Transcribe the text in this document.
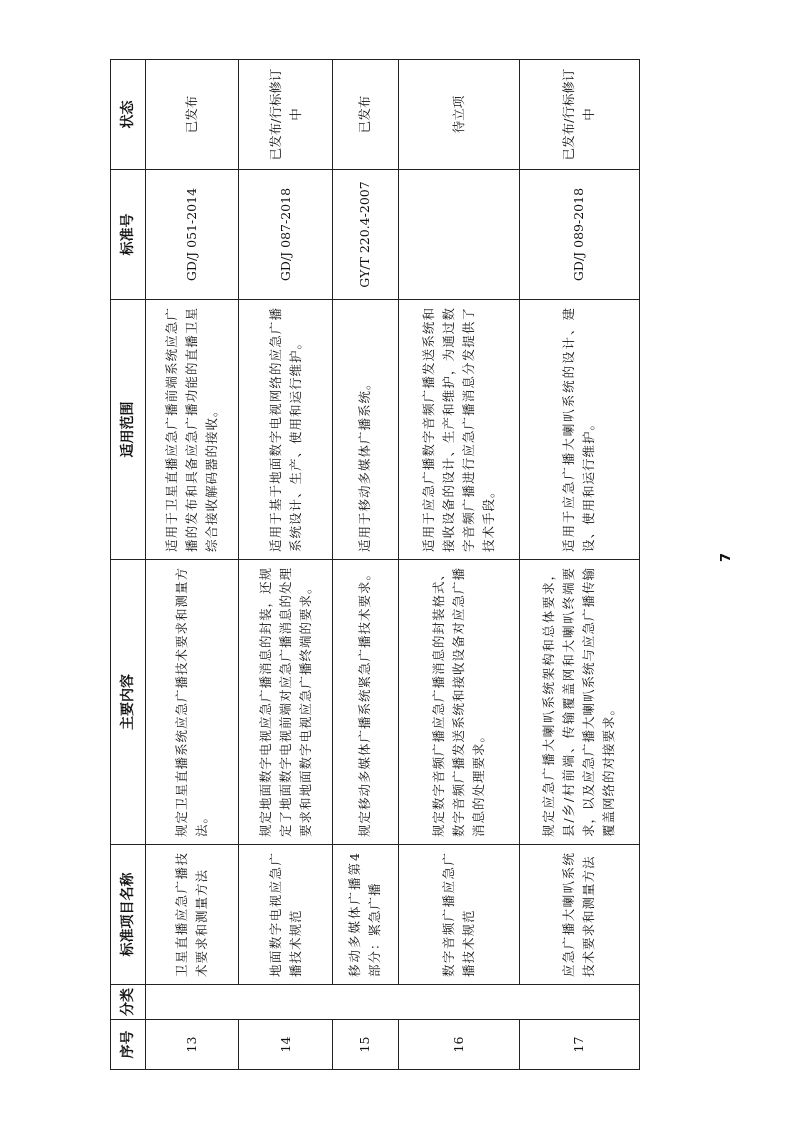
序号	分类	标准项目名称	主要内容	适用范围	标准号	状态
13		卫星直播应急广播技术要求和测量方法	规定卫星直播系统应急广播技术要求和测量方法。	适用于卫星直播应急广播前端系统应急广播的发布和具备应急广播功能的直播卫星综合接收解码器的接收。	GD/J 051-2014	已发布
14		地面数字电视应急广播技术规范	规定地面数字电视应急广播消息的封装，还规定了地面数字电视前端对应急广播消息的处理要求和地面数字电视应急广播终端的要求。	适用于基于地面数字电视网络的应急广播系统设计、生产、使用和运行维护。	GD/J 087-2018	已发布/行标修订中
15		移动多媒体广播第4部分：紧急广播	规定移动多媒体广播系统紧急广播技术要求。	适用于移动多媒体广播系统。	GY/T 220.4-2007	已发布
16		数字音频广播应急广播技术规范	规定数字音频广播应急广播消息的封装格式、数字音频广播发送系统和接收设备对应急广播消息的处理要求。	适用于应急广播数字音频广播发送系统和接收设备的设计、生产和维护，为通过数字音频广播进行应急广播消息分发提供了技术手段。		待立项
17		应急广播大喇叭系统技术要求和测量方法	规定应急广播大喇叭系统架构和总体要求，县/乡/村前端、传输覆盖网和大喇叭终端要求，以及应急广播大喇叭系统与应急广播传输覆盖网络的对接要求。	适用于应急广播大喇叭系统的设计、建设、使用和运行维护。	GD/J 089-2018	已发布/行标修订中
7
